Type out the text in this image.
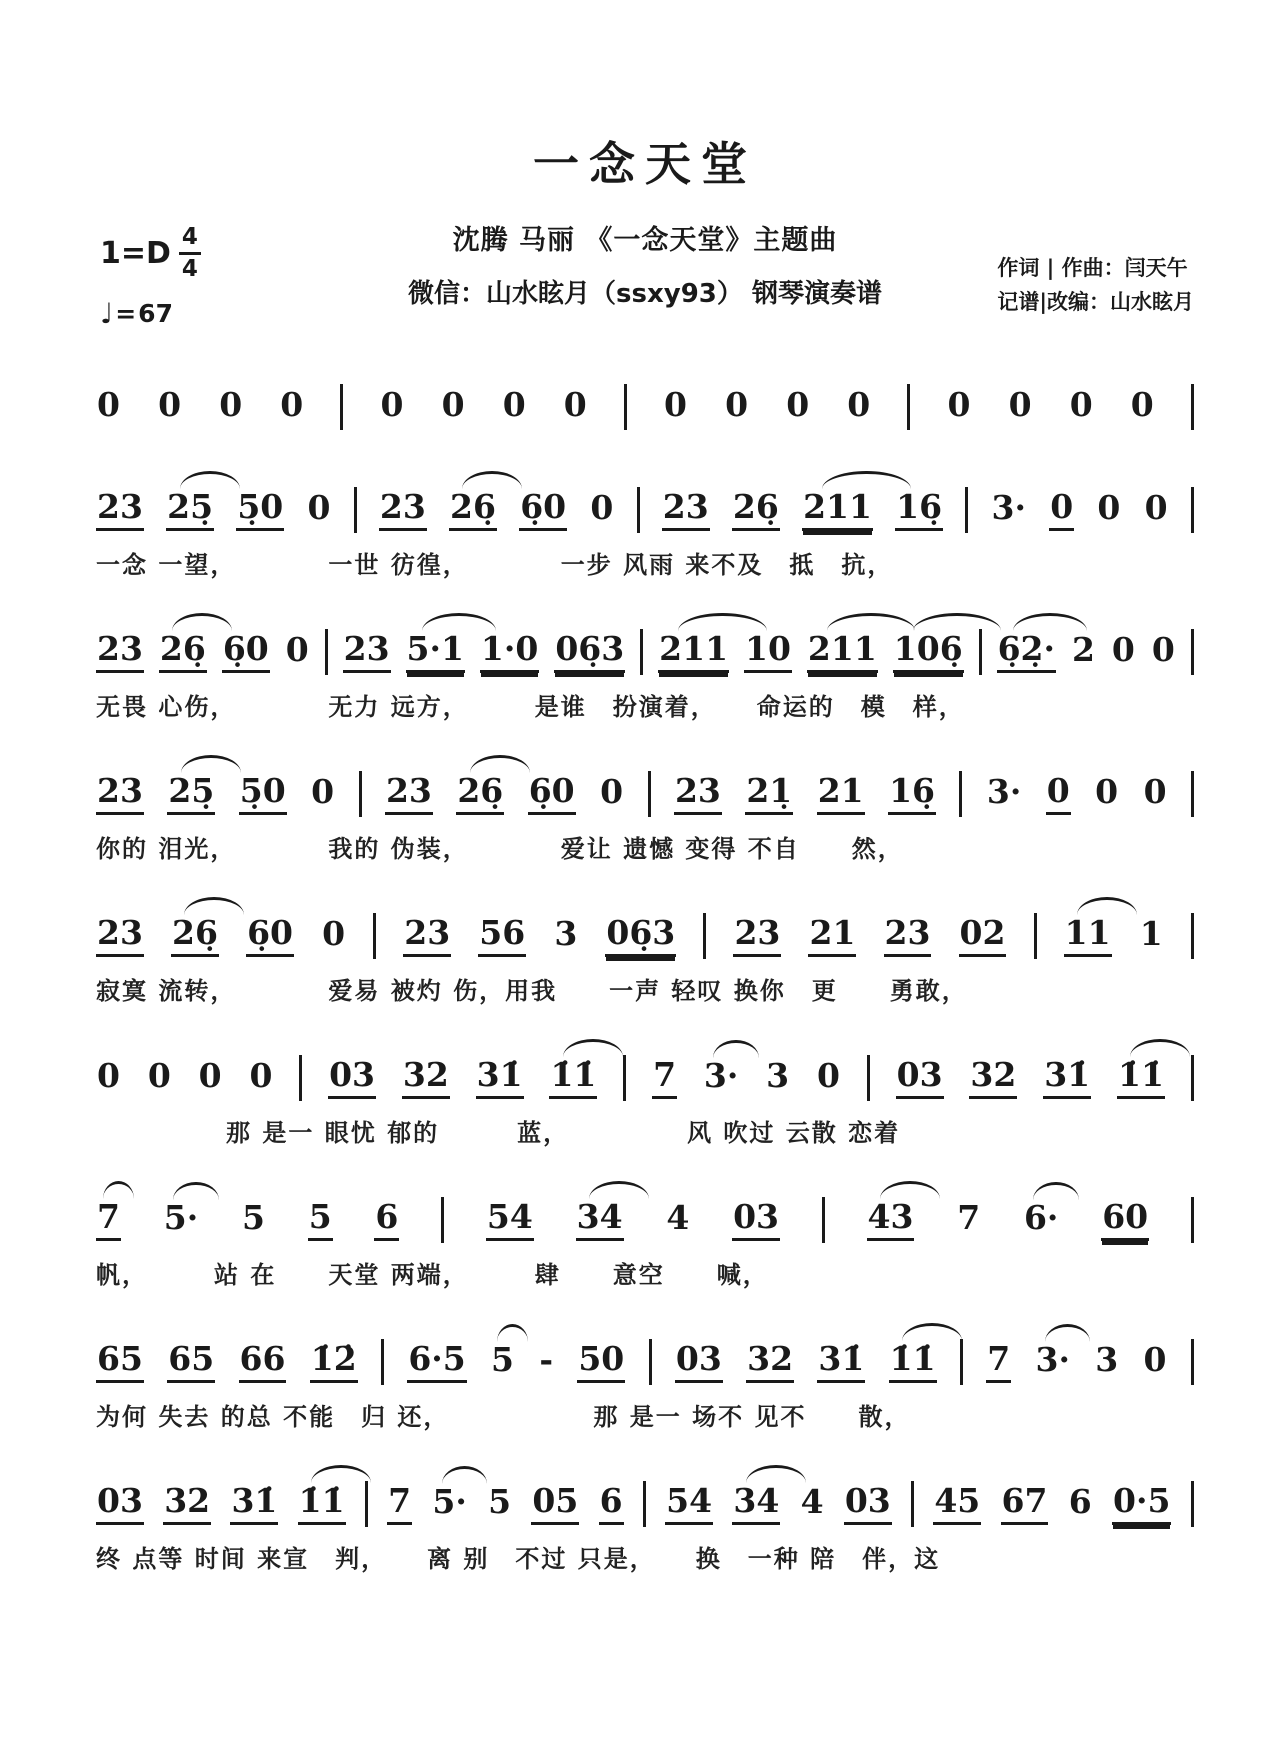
一念天堂
1=D 4
4
♩ = 67
沈腾 马丽 《一念天堂》主题曲
微信：山水眩月（ssxy93） 钢琴演奏谱
作词 | 作曲：闫天午
记谱|改编：山水眩月
0 0 0 0 0 0 0 0 0 0 0 0 0 0 0 0
23 25̣ 5̣0 0 23 26̣ 6̣0 0 23 26̣ 211 16̣ 3· 0 0 0
一念 一望，　　　　一世 彷徨，　　　　一步 风雨 来不及　抵　抗，
23 26̣ 6̣0 0 23 5·1 1·0 06̣3 211 10 211 106̣ 6̣2̣· 2 0 0
无畏 心伤，　　　　无力 远方，　　　是谁　扮演着，　　命运的　模　样，
23 25̣ 5̣0 0 23 26̣ 6̣0 0 23 21̣ 21 16̣ 3· 0 0 0
你的 泪光，　　　　我的 伪装，　　　　爱让 遗憾 变得 不自　　然，
23 26̣ 6̣0 0 23 56 3 06̣3 23 21 23 02 11 1
寂寞 流转，　　　　爱易 被灼 伤，用我　　一声 轻叹 换你　更　　勇敢，
0 0 0 0 03 32 31̇ 1̇1̇ 7 3· 3 0 03 32 31̇ 1̇1̇
　　　　　那 是一 眼忧 郁的　　　蓝，　　　　　风 吹过 云散 恋着
7 5· 5 5 6	54 34 4 03	43 7 6· 60
帆，　　　站 在　　天堂 两端，　　　肆　　意空　　喊，
65 65 66 1̇2̇ 6·5 5 - 50 03 32 31̇ 1̇1̇ 7 3· 3 0
为何 失去 的总 不能　归 还，　　　　　　那 是一 场不 见不　　散，
03 32 31̇ 1̇1̇ 7 5· 5 05 6 54 34 4 03 45 67 6 0·5
终 点等 时间 来宣　判，　　离 别　不过 只是，　　换　一种 陪　伴，这
